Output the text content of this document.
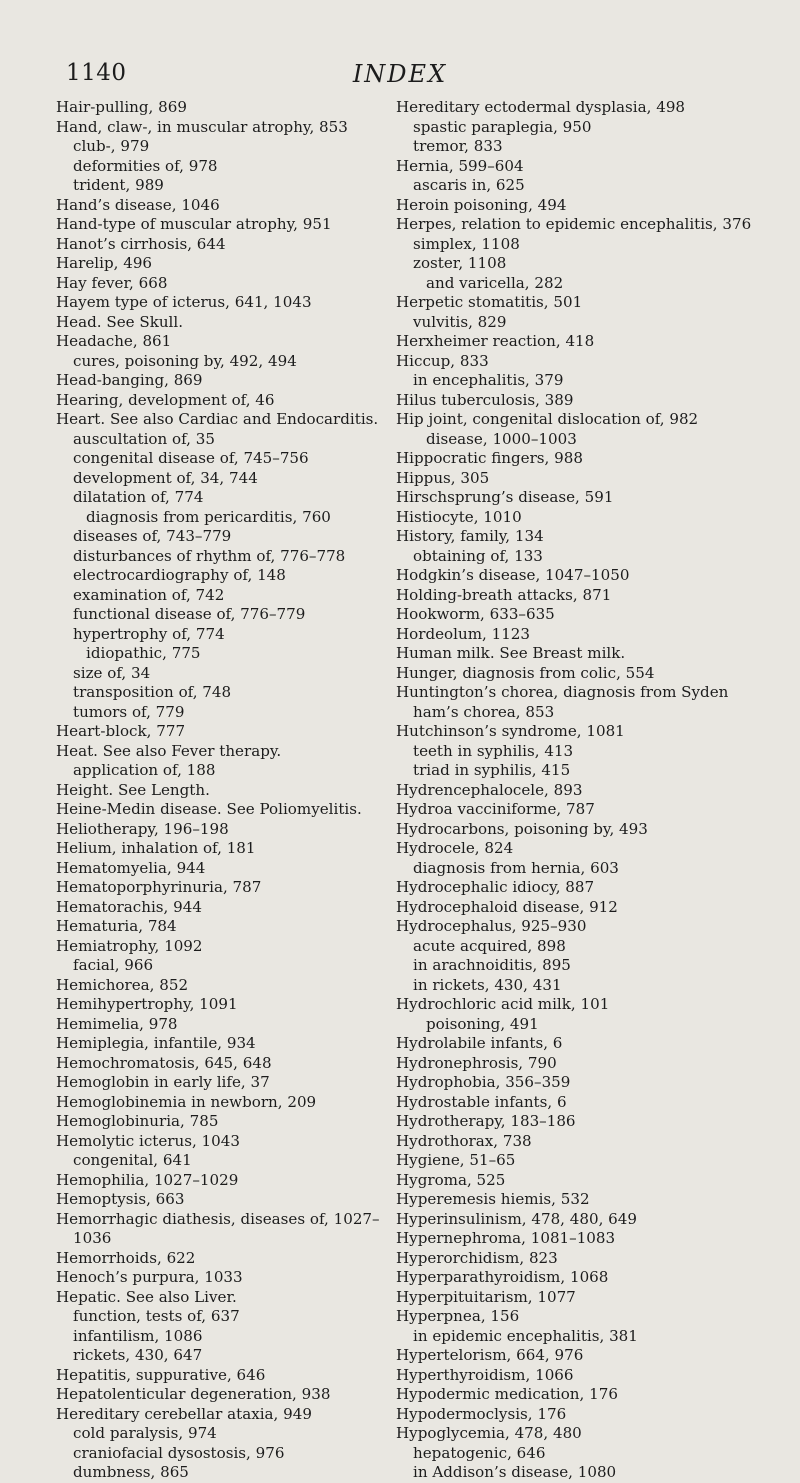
1140	INDEX
Hair-pulling, 869
Hand, claw-, in muscular atrophy, 853
club-, 979
deformities of, 978
trident, 989
Hand’s disease, 1046
Hand-type of muscular atrophy, 951
Hanot’s cirrhosis, 644
Harelip, 496
Hay fever, 668
Hayem type of icterus, 641, 1043
Head. See Skull.
Headache, 861
cures, poisoning by, 492, 494
Head-banging, 869
Hearing, development of, 46
Heart. See also Cardiac and Endocarditis.
auscultation of, 35
congenital disease of, 745–756
development of, 34, 744
dilatation of, 774
diagnosis from pericarditis, 760
diseases of, 743–779
disturbances of rhythm of, 776–778
electrocardiography of, 148
examination of, 742
functional disease of, 776–779
hypertrophy of, 774
idiopathic, 775
size of, 34
transposition of, 748
tumors of, 779
Heart-block, 777
Heat. See also Fever therapy.
application of, 188
Height. See Length.
Heine-Medin disease. See Poliomyelitis.
Heliotherapy, 196–198
Helium, inhalation of, 181
Hematomyelia, 944
Hematoporphyrinuria, 787
Hematorachis, 944
Hematuria, 784
Hemiatrophy, 1092
facial, 966
Hemichorea, 852
Hemihypertrophy, 1091
Hemimelia, 978
Hemiplegia, infantile, 934
Hemochromatosis, 645, 648
Hemoglobin in early life, 37
Hemoglobinemia in newborn, 209
Hemoglobinuria, 785
Hemolytic icterus, 1043
congenital, 641
Hemophilia, 1027–1029
Hemoptysis, 663
Hemorrhagic diathesis, diseases of, 1027–
1036
Hemorrhoids, 622
Henoch’s purpura, 1033
Hepatic. See also Liver.
function, tests of, 637
infantilism, 1086
rickets, 430, 647
Hepatitis, suppurative, 646
Hepatolenticular degeneration, 938
Hereditary cerebellar ataxia, 949
cold paralysis, 974
craniofacial dysostosis, 976
dumbness, 865
Hereditary ectodermal dysplasia, 498
spastic paraplegia, 950
tremor, 833
Hernia, 599–604
ascaris in, 625
Heroin poisoning, 494
Herpes, relation to epidemic encephalitis, 376
simplex, 1108
zoster, 1108
and varicella, 282
Herpetic stomatitis, 501
vulvitis, 829
Herxheimer reaction, 418
Hiccup, 833
in encephalitis, 379
Hilus tuberculosis, 389
Hip joint, congenital dislocation of, 982
disease, 1000–1003
Hippocratic fingers, 988
Hippus, 305
Hirschsprung’s disease, 591
Histiocyte, 1010
History, family, 134
obtaining of, 133
Hodgkin’s disease, 1047–1050
Holding-breath attacks, 871
Hookworm, 633–635
Hordeolum, 1123
Human milk. See Breast milk.
Hunger, diagnosis from colic, 554
Huntington’s chorea, diagnosis from Syden
ham’s chorea, 853
Hutchinson’s syndrome, 1081
teeth in syphilis, 413
triad in syphilis, 415
Hydrencephalocele, 893
Hydroa vacciniforme, 787
Hydrocarbons, poisoning by, 493
Hydrocele, 824
diagnosis from hernia, 603
Hydrocephalic idiocy, 887
Hydrocephaloid disease, 912
Hydrocephalus, 925–930
acute acquired, 898
in arachnoiditis, 895
in rickets, 430, 431
Hydrochloric acid milk, 101
poisoning, 491
Hydrolabile infants, 6
Hydronephrosis, 790
Hydrophobia, 356–359
Hydrostable infants, 6
Hydrotherapy, 183–186
Hydrothorax, 738
Hygiene, 51–65
Hygroma, 525
Hyperemesis hiemis, 532
Hyperinsulinism, 478, 480, 649
Hypernephroma, 1081–1083
Hyperorchidism, 823
Hyperparathyroidism, 1068
Hyperpituitarism, 1077
Hyperpnea, 156
in epidemic encephalitis, 381
Hypertelorism, 664, 976
Hyperthyroidism, 1066
Hypodermic medication, 176
Hypodermoclysis, 176
Hypoglycemia, 478, 480
hepatogenic, 646
in Addison’s disease, 1080
